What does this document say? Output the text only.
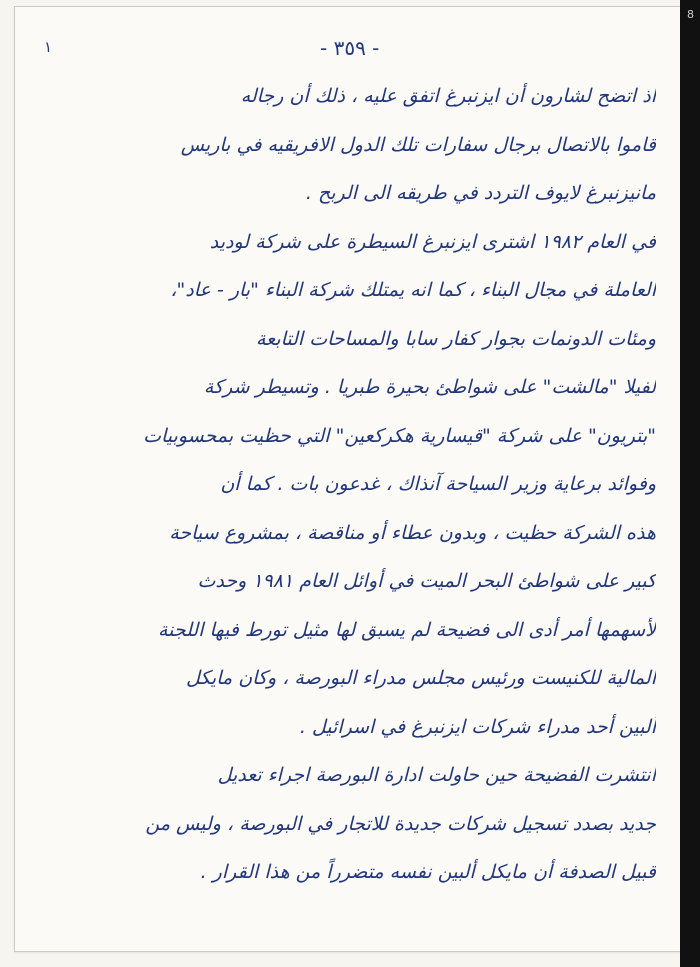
8
١	- ٣٥٩ -
اذ اتضح لشارون أن ايزنبرغ اتفق عليه ، ذلك أن رجاله
قاموا بالاتصال برجال سفارات تلك الدول الافريقيه في باريس
مانيزنبرغ لايوف التردد في طريقه الى الربح .
في العام ١٩٨٢ اشترى ايزنبرغ السيطرة على شركة لوديد
العاملة في مجال البناء ، كما انه يمتلك شركة البناء "بار - عاد"،
ومئات الدونمات بجوار كفار سابا والمساحات التابعة
لفيلا "مالشت" على شواطئ بحيرة طبريا . وتسيطر شركة
"بتريون" على شركة "قيسارية هكركعين" التي حظيت بمحسوبيات
وفوائد برعاية وزير السياحة آنذاك ، غدعون بات . كما أن
هذه الشركة حظيت ، وبدون عطاء أو مناقصة ، بمشروع سياحة
كبير على شواطئ البحر الميت في أوائل العام ١٩٨١ وحدث
لأسهمها أمر أدى الى فضيحة لم يسبق لها مثيل تورط فيها اللجنة
المالية للكنيست ورئيس مجلس مدراء البورصة ، وكان مايكل
ألبين أحد مدراء شركات ايزنبرغ في اسرائيل .
انتشرت الفضيحة حين حاولت ادارة البورصة اجراء تعديل
جديد بصدد تسجيل شركات جديدة للاتجار في البورصة ، وليس من
قبيل الصدفة أن مايكل ألبين نفسه متضرراً من هذا القرار .
